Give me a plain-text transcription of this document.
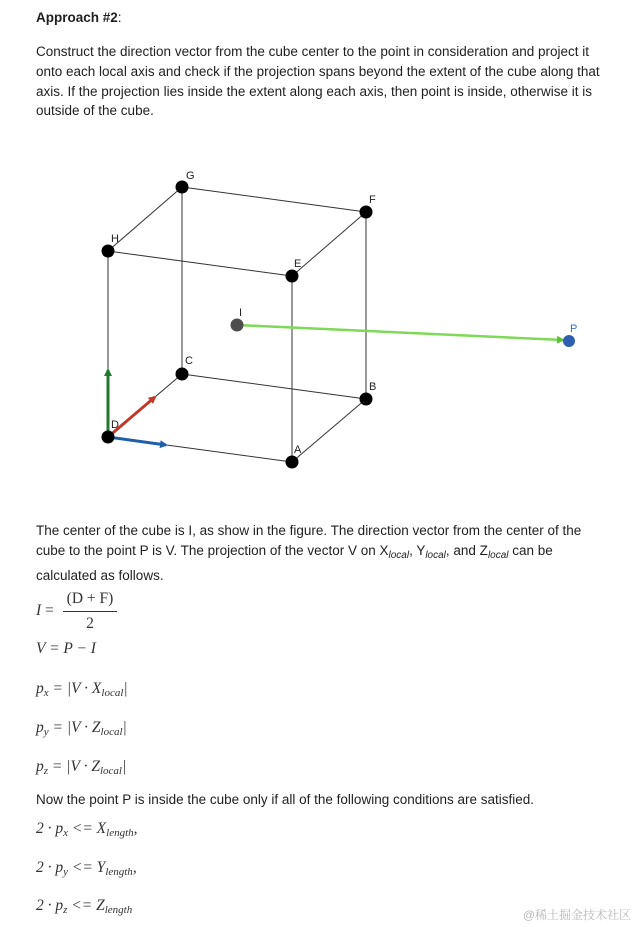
Approach #2:

Construct the direction vector from the cube center to the point in consideration and project it onto each local axis and check if the projection spans beyond the extent of the cube along that axis. If the projection lies inside the extent along each axis, then point is inside, otherwise it is outside of the cube.

G
F
H
E
C
B
D
A
I
P

The center of the cube is I, as show in the figure. The direction vector from the center of the cube to the point P is V. The projection of the vector V on $X_{local}$, $Y_{local}$, and $Z_{local}$ can be calculated as follows.

$I = \frac{(D + F)}{2}$
V = P − I
$p_x = |V \cdot X_{local}|$
$p_y = |V \cdot Z_{local}|$
$p_z = |V \cdot Z_{local}|$

Now the point P is inside the cube only if all of the following conditions are satisfied.

$2 \cdot p_x <= X_{length}$,
$2 \cdot p_y <= Y_{length}$,
$2 \cdot p_z <= Z_{length}$	@稀土掘金技术社区
